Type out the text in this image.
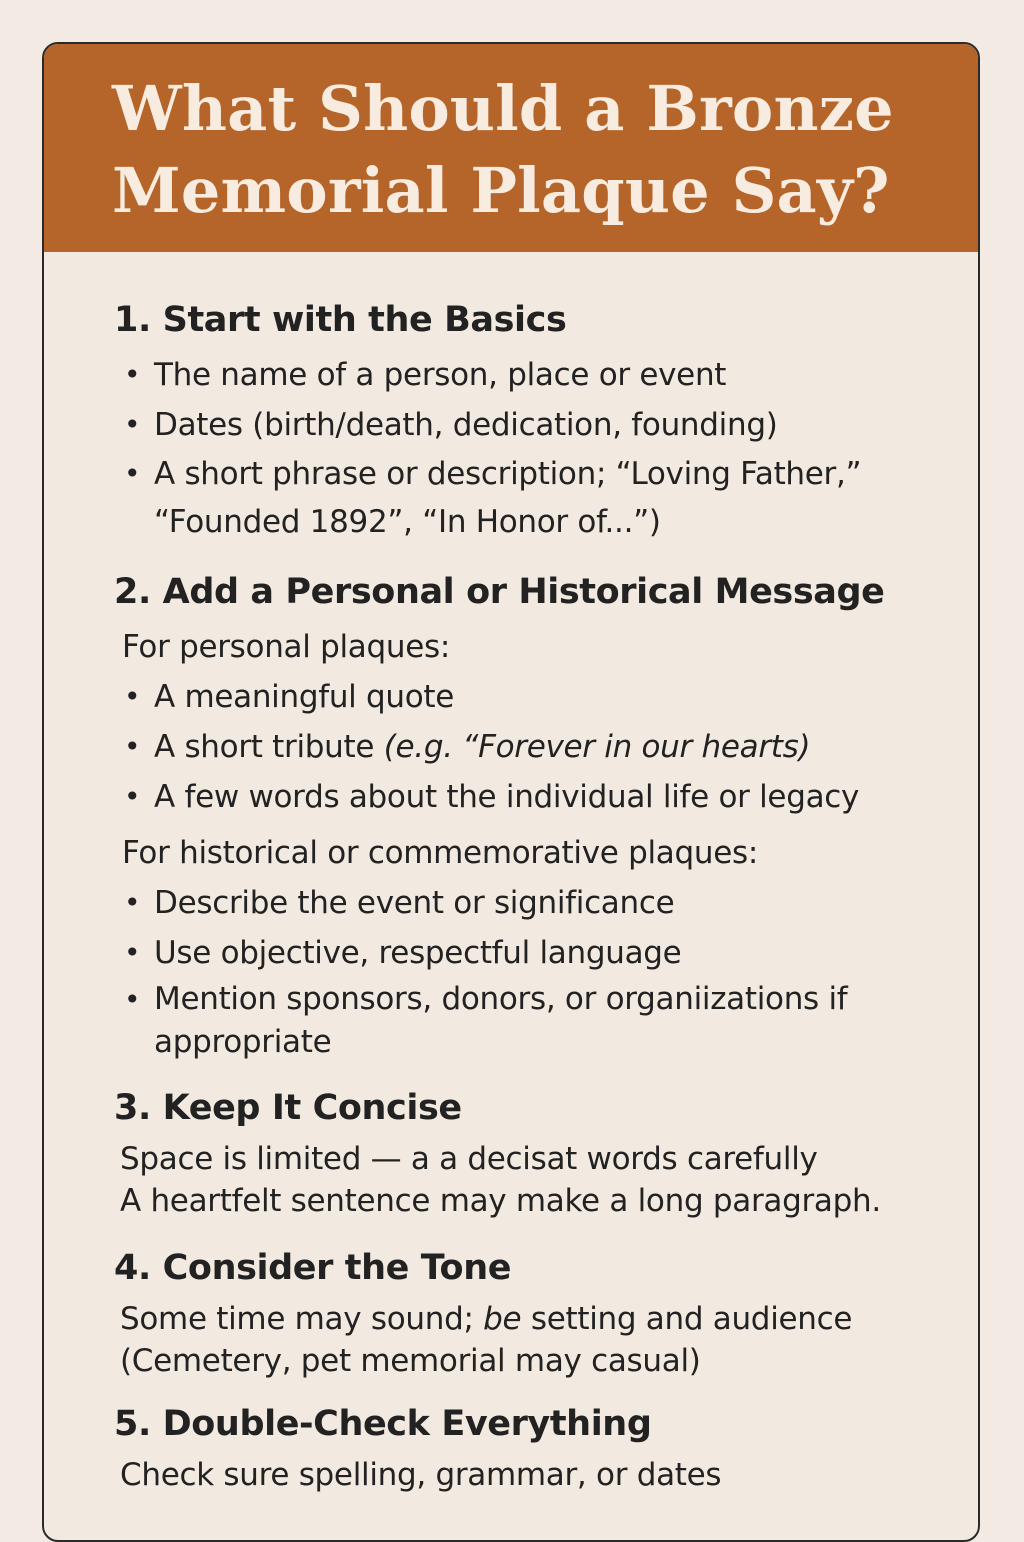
What Should a Bronze Memorial Plaque Say?
1. Start with the Basics
• The name of a person, place or event
• Dates (birth/death, dedication, founding)
• A short phrase or description; “Loving Father,” “Founded 1892”, “In Honor of...”)
2. Add a Personal or Historical Message

For personal plaques:

• A meaningful quote
• A short tribute (e.g. “Forever in our hearts)
• A few words about the individual life or legacy

For historical or commemorative plaques:

• Describe the event or significance
• Use objective, respectful language
• Mention sponsors, donors, or organiizations if appropriate
3. Keep It Concise

Space is limited — a a decisat words carefully
A heartfelt sentence may make a long paragraph.

4. Consider the Tone

Some time may sound; be setting and audience
(Cemetery, pet memorial may casual)

5. Double-Check Everything

Check sure spelling, grammar, or dates
